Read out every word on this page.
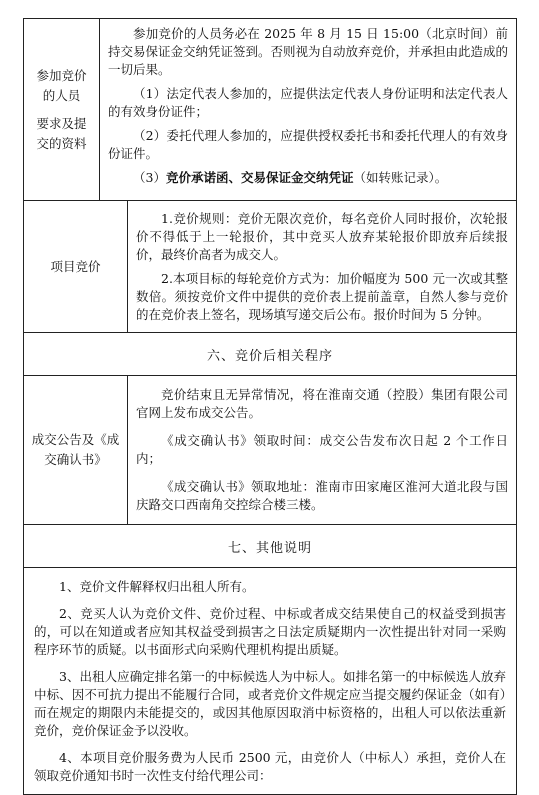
参加竞价
的人员
要求及提
交的资料

参加竞价的人员务必在 2025 年 8 月 15 日 15:00（北京时间）前持交易保证金交纳凭证签到。否则视为自动放弃竞价，并承担由此造成的一切后果。

（1）法定代表人参加的，应提供法定代表人身份证明和法定代表人的有效身份证件；

（2）委托代理人参加的，应提供授权委托书和委托代理人的有效身份证件。

（3）竞价承诺函、交易保证金交纳凭证（如转账记录）。

项目竞价

1.竞价规则：竞价无限次竞价，每名竞价人同时报价，次轮报价不得低于上一轮报价，其中竞买人放弃某轮报价即放弃后续报价，最终价高者为成交人。

2.本项目标的每轮竞价方式为：加价幅度为 500 元一次或其整数倍。须按竞价文件中提供的竞价表上提前盖章，自然人参与竞价的在竞价表上签名，现场填写递交后公布。报价时间为 5 分钟。

六、竞价后相关程序
成交公告及《成
交确认书》

竞价结束且无异常情况，将在淮南交通（控股）集团有限公司官网上发布成交公告。

《成交确认书》领取时间：成交公告发布次日起 2 个工作日内；

《成交确认书》领取地址：淮南市田家庵区淮河大道北段与国庆路交口西南角交控综合楼三楼。

七、其他说明

1、竞价文件解释权归出租人所有。

2、竞买人认为竞价文件、竞价过程、中标或者成交结果使自己的权益受到损害的，可以在知道或者应知其权益受到损害之日法定质疑期内一次性提出针对同一采购程序环节的质疑。以书面形式向采购代理机构提出质疑。

3、出租人应确定排名第一的中标候选人为中标人。如排名第一的中标候选人放弃中标、因不可抗力提出不能履行合同，或者竞价文件规定应当提交履约保证金（如有）而在规定的期限内未能提交的，或因其他原因取消中标资格的，出租人可以依法重新竞价，竞价保证金予以没收。

4、本项目竞价服务费为人民币 2500 元，由竞价人（中标人）承担，竞价人在领取竞价通知书时一次性支付给代理公司：
